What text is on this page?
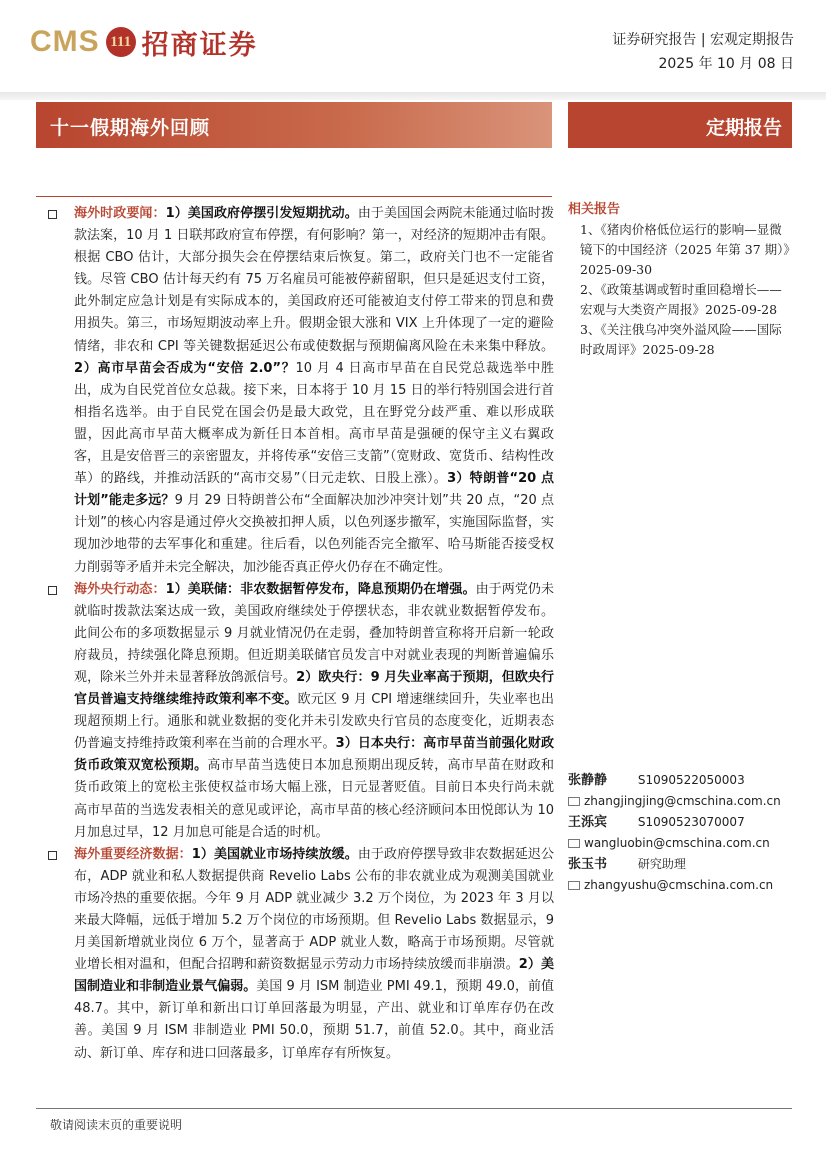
CMS 111 招商证券	证券研究报告 | 宏观定期报告
2025 年 10 月 08 日
十一假期海外回顾	定期报告
海外时政要闻：1）美国政府停摆引发短期扰动。由于美国国会两院未能通过临时拨款法案，10 月 1 日联邦政府宣布停摆，有何影响？第一，对经济的短期冲击有限。根据 CBO 估计，大部分损失会在停摆结束后恢复。第二，政府关门也不一定能省钱。尽管 CBO 估计每天约有 75 万名雇员可能被停薪留职，但只是延迟支付工资，此外制定应急计划是有实际成本的，美国政府还可能被迫支付停工带来的罚息和费用损失。第三，市场短期波动率上升。假期金银大涨和 VIX 上升体现了一定的避险情绪，非农和 CPI 等关键数据延迟公布或使数据与预期偏离风险在未来集中释放。2）高市早苗会否成为“安倍 2.0”？10 月 4 日高市早苗在自民党总裁选举中胜出，成为自民党首位女总裁。接下来，日本将于 10 月 15 日的举行特别国会进行首相指名选举。由于自民党在国会仍是最大政党，且在野党分歧严重、难以形成联盟，因此高市早苗大概率成为新任日本首相。高市早苗是强硬的保守主义右翼政客，且是安倍晋三的亲密盟友，并将传承“安倍三支箭”（宽财政、宽货币、结构性改革）的路线，并推动活跃的“高市交易”（日元走软、日股上涨）。3）特朗普“20 点计划”能走多远？9 月 29 日特朗普公布“全面解决加沙冲突计划”共 20 点，“20 点计划”的核心内容是通过停火交换被扣押人质，以色列逐步撤军，实施国际监督，实现加沙地带的去军事化和重建。往后看，以色列能否完全撤军、哈马斯能否接受权力削弱等矛盾并未完全解决，加沙能否真正停火仍存在不确定性。
海外央行动态：1）美联储：非农数据暂停发布，降息预期仍在增强。由于两党仍未就临时拨款法案达成一致，美国政府继续处于停摆状态，非农就业数据暂停发布。此间公布的多项数据显示 9 月就业情况仍在走弱，叠加特朗普宣称将开启新一轮政府裁员，持续强化降息预期。但近期美联储官员发言中对就业表现的判断普遍偏乐观，除米兰外并未显著释放鸽派信号。2）欧央行：9 月失业率高于预期，但欧央行官员普遍支持继续维持政策利率不变。欧元区 9 月 CPI 增速继续回升，失业率也出现超预期上行。通胀和就业数据的变化并未引发欧央行官员的态度变化，近期表态仍普遍支持维持政策利率在当前的合理水平。3）日本央行：高市早苗当前强化财政货币政策双宽松预期。高市早苗当选使日本加息预期出现反转，高市早苗在财政和货币政策上的宽松主张使权益市场大幅上涨，日元显著贬值。目前日本央行尚未就高市早苗的当选发表相关的意见或评论，高市早苗的核心经济顾问本田悦郎认为 10 月加息过早，12 月加息可能是合适的时机。
海外重要经济数据：1）美国就业市场持续放缓。由于政府停摆导致非农数据延迟公布，ADP 就业和私人数据提供商 Revelio Labs 公布的非农就业成为观测美国就业市场冷热的重要依据。今年 9 月 ADP 就业减少 3.2 万个岗位，为 2023 年 3 月以来最大降幅，远低于增加 5.2 万个岗位的市场预期。但 Revelio Labs 数据显示，9 月美国新增就业岗位 6 万个，显著高于 ADP 就业人数，略高于市场预期。尽管就业增长相对温和，但配合招聘和薪资数据显示劳动力市场持续放缓而非崩溃。2）美国制造业和非制造业景气偏弱。美国 9 月 ISM 制造业 PMI 49.1，预期 49.0，前值 48.7。其中，新订单和新出口订单回落最为明显，产出、就业和订单库存仍在改善。美国 9 月 ISM 非制造业 PMI 50.0，预期 51.7，前值 52.0。其中，商业活动、新订单、库存和进口回落最多，订单库存有所恢复。
相关报告
1、《猪肉价格低位运行的影响—显微镜下的中国经济（2025 年第 37 期）》2025-09-30
2、《政策基调或暂时重回稳增长——宏观与大类资产周报》2025-09-28
3、《关注俄乌冲突外溢风险——国际时政周评》2025-09-28
张静静	S1090522050003
zhangjingjing@cmschina.com.cn
王泺宾	S1090523070007
wangluobin@cmschina.com.cn
张玉书	研究助理
zhangyushu@cmschina.com.cn
敬请阅读末页的重要说明
